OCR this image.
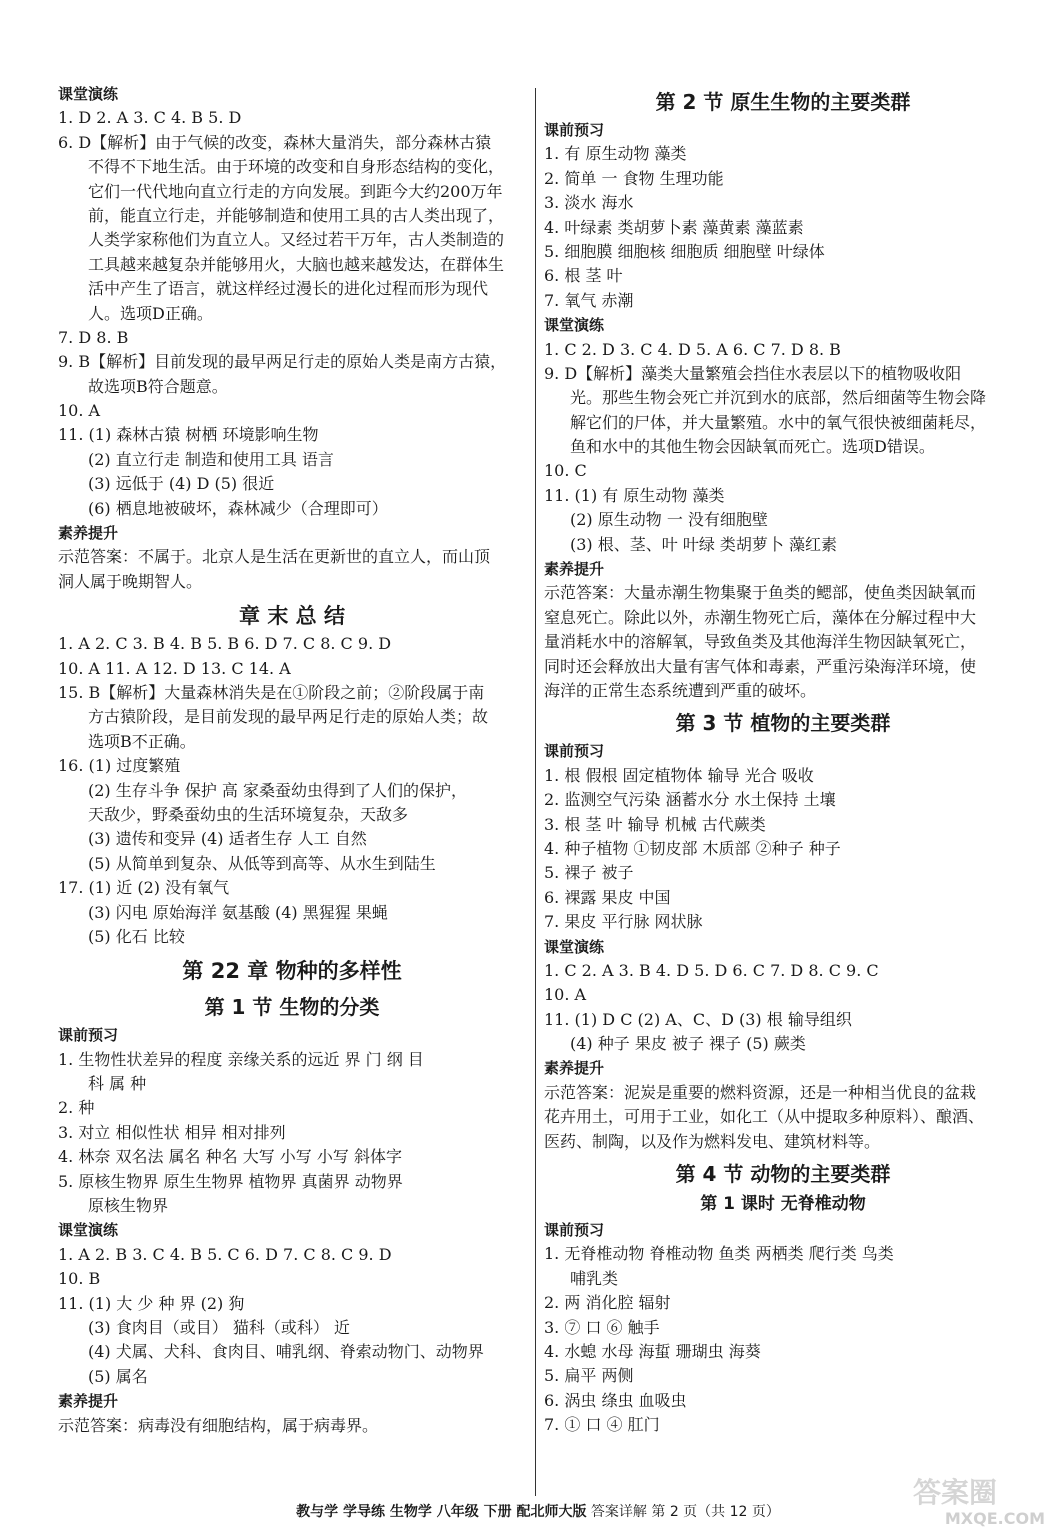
课堂演练
1. D 2. A 3. C 4. B 5. D
6. D【解析】由于气候的改变，森林大量消失，部分森林古猿
不得不下地生活。由于环境的改变和自身形态结构的变化，
它们一代代地向直立行走的方向发展。到距今大约200万年
前，能直立行走，并能够制造和使用工具的古人类出现了，
人类学家称他们为直立人。又经过若干万年，古人类制造的
工具越来越复杂并能够用火，大脑也越来越发达，在群体生
活中产生了语言，就这样经过漫长的进化过程而形为现代
人。选项D正确。
7. D 8. B
9. B【解析】目前发现的最早两足行走的原始人类是南方古猿，
故选项B符合题意。
10. A
11. (1) 森林古猿 树栖 环境影响生物
(2) 直立行走 制造和使用工具 语言
(3) 远低于 (4) D (5) 很近
(6) 栖息地被破坏，森林减少（合理即可）
素养提升
示范答案：不属于。北京人是生活在更新世的直立人，而山顶
洞人属于晚期智人。
章 末 总 结
1. A 2. C 3. B 4. B 5. B 6. D 7. C 8. C 9. D
10. A 11. A 12. D 13. C 14. A
15. B【解析】大量森林消失是在①阶段之前；②阶段属于南
方古猿阶段，是目前发现的最早两足行走的原始人类；故
选项B不正确。
16. (1) 过度繁殖
(2) 生存斗争 保护 高 家桑蚕幼虫得到了人们的保护，
天敌少，野桑蚕幼虫的生活环境复杂，天敌多
(3) 遗传和变异 (4) 适者生存 人工 自然
(5) 从简单到复杂、从低等到高等、从水生到陆生
17. (1) 近 (2) 没有氧气
(3) 闪电 原始海洋 氨基酸 (4) 黑猩猩 果蝇
(5) 化石 比较
第 22 章 物种的多样性
第 1 节 生物的分类
课前预习
1. 生物性状差异的程度 亲缘关系的远近 界 门 纲 目
科 属 种
2. 种
3. 对立 相似性状 相异 相对排列
4. 林奈 双名法 属名 种名 大写 小写 小写 斜体字
5. 原核生物界 原生生物界 植物界 真菌界 动物界
原核生物界
课堂演练
1. A 2. B 3. C 4. B 5. C 6. D 7. C 8. C 9. D
10. B
11. (1) 大 少 种 界 (2) 狗
(3) 食肉目（或目） 猫科（或科） 近
(4) 犬属、犬科、食肉目、哺乳纲、脊索动物门、动物界
(5) 属名
素养提升
示范答案：病毒没有细胞结构，属于病毒界。
第 2 节 原生生物的主要类群
课前预习
1. 有 原生动物 藻类
2. 简单 一 食物 生理功能
3. 淡水 海水
4. 叶绿素 类胡萝卜素 藻黄素 藻蓝素
5. 细胞膜 细胞核 细胞质 细胞壁 叶绿体
6. 根 茎 叶
7. 氧气 赤潮
课堂演练
1. C 2. D 3. C 4. D 5. A 6. C 7. D 8. B
9. D【解析】藻类大量繁殖会挡住水表层以下的植物吸收阳
光。那些生物会死亡并沉到水的底部，然后细菌等生物会降
解它们的尸体，并大量繁殖。水中的氧气很快被细菌耗尽，
鱼和水中的其他生物会因缺氧而死亡。选项D错误。
10. C
11. (1) 有 原生动物 藻类
(2) 原生动物 一 没有细胞壁
(3) 根、茎、叶 叶绿 类胡萝卜 藻红素
素养提升
示范答案：大量赤潮生物集聚于鱼类的鳃部，使鱼类因缺氧而
窒息死亡。除此以外，赤潮生物死亡后，藻体在分解过程中大
量消耗水中的溶解氧，导致鱼类及其他海洋生物因缺氧死亡，
同时还会释放出大量有害气体和毒素，严重污染海洋环境，使
海洋的正常生态系统遭到严重的破坏。
第 3 节 植物的主要类群
课前预习
1. 根 假根 固定植物体 输导 光合 吸收
2. 监测空气污染 涵蓄水分 水土保持 土壤
3. 根 茎 叶 输导 机械 古代蕨类
4. 种子植物 ①韧皮部 木质部 ②种子 种子
5. 裸子 被子
6. 裸露 果皮 中国
7. 果皮 平行脉 网状脉
课堂演练
1. C 2. A 3. B 4. D 5. D 6. C 7. D 8. C 9. C
10. A
11. (1) D C (2) A、C、D (3) 根 输导组织
(4) 种子 果皮 被子 裸子 (5) 蕨类
素养提升
示范答案：泥炭是重要的燃料资源，还是一种相当优良的盆栽
花卉用土，可用于工业，如化工（从中提取多种原料）、酿酒、
医药、制陶，以及作为燃料发电、建筑材料等。
第 4 节 动物的主要类群
第 1 课时 无脊椎动物
课前预习
1. 无脊椎动物 脊椎动物 鱼类 两栖类 爬行类 鸟类
哺乳类
2. 两 消化腔 辐射
3. ⑦ 口 ⑥ 触手
4. 水螅 水母 海蜇 珊瑚虫 海葵
5. 扁平 两侧
6. 涡虫 绦虫 血吸虫
7. ① 口 ④ 肛门
教与学 学导练 生物学 八年级 下册 配北师大版 答案详解 第 2 页（共 12 页）
答案圈
MXQE.COM
